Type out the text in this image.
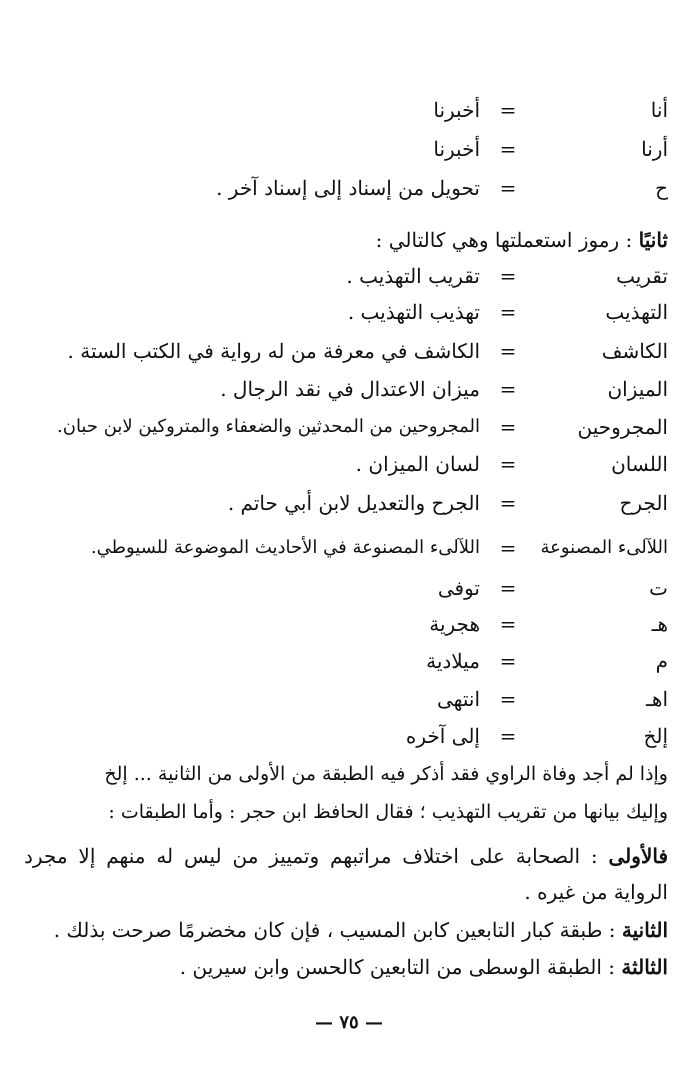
أنا
=
أخبرنا
أرنا
=
أخبرنا
ح
=
تحويل من إسناد إلى إسناد آخر .
ثانيًا : رموز استعملتها وهي كالتالي :
تقريب
=
تقريب التهذيب .
التهذيب
=
تهذيب التهذيب .
الكاشف
=
الكاشف في معرفة من له رواية في الكتب الستة .
الميزان
=
ميزان الاعتدال في نقد الرجال .
المجروحين
=
المجروحين من المحدثين والضعفاء والمتروكين لابن حبان.
اللسان
=
لسان الميزان .
الجرح
=
الجرح والتعديل لابن أبي حاتم .
اللآلىء المصنوعة
=
اللآلىء المصنوعة في الأحاديث الموضوعة للسيوطي.
ت
=
توفى
هـ
=
هجرية
م
=
ميلادية
اهـ
=
انتهى
إلخ
=
إلى آخره
وإذا لم أجد وفاة الراوي فقد أذكر فيه الطبقة من الأولى من الثانية ... إلخ
وإليك بيانها من تقريب التهذيب ؛ فقال الحافظ ابن حجر : وأما الطبقات :
فالأولى : الصحابة على اختلاف مراتبهم وتمييز من ليس له منهم إلا مجرد الرواية من غيره .
الثانية : طبقة كبار التابعين كابن المسيب ، فإن كان مخضرمًا صرحت بذلك .
الثالثة : الطبقة الوسطى من التابعين كالحسن وابن سيرين .
— ٧٥ —
